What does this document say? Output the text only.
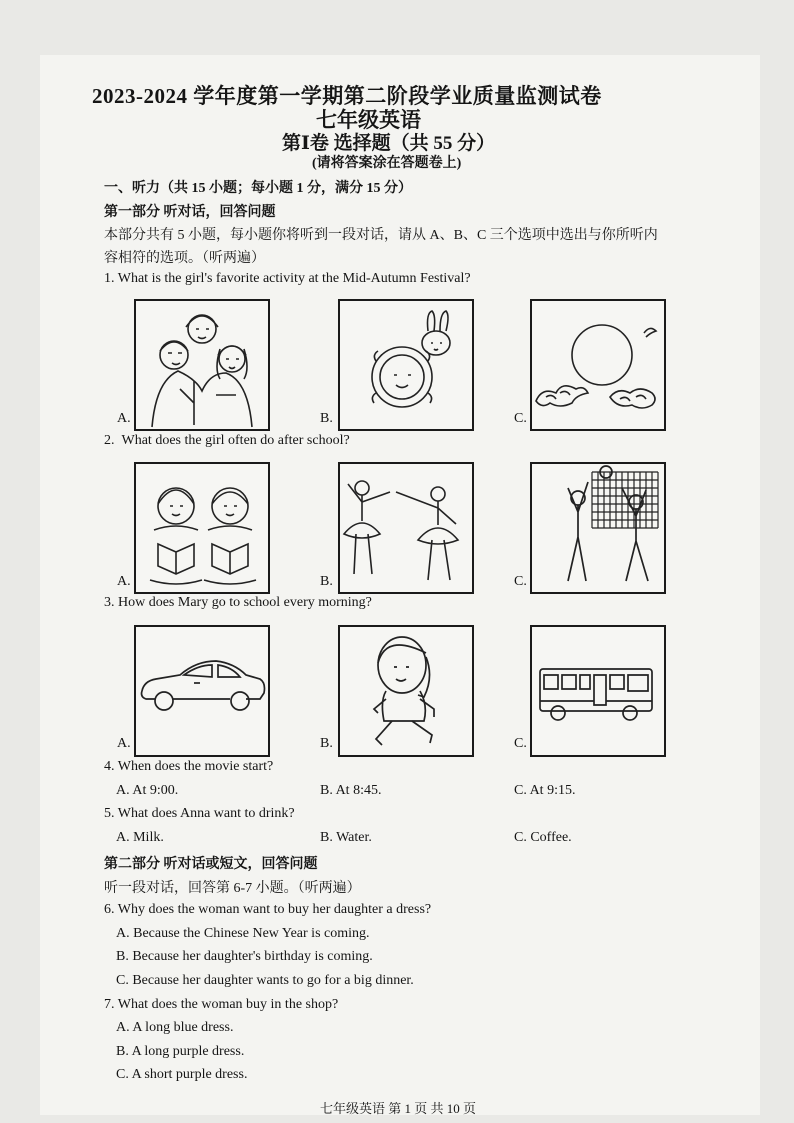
2023-2024 学年度第一学期第二阶段学业质量监测试卷
七年级英语
第Ⅰ卷 选择题（共 55 分）
(请将答案涂在答题卷上)
一、听力（共 15 小题；每小题 1 分，满分 15 分）
第一部分 听对话，回答问题
本部分共有 5 小题，每小题你将听到一段对话，请从 A、B、C 三个选项中选出与你所听内
容相符的选项。（听两遍）
1. What is the girl's favorite activity at the Mid-Autumn Festival?
A.	B.	C.
2. What does the girl often do after school?
A.	B.	C.
3. How does Mary go to school every morning?
A.	B.	C.
4. When does the movie start?
A. At 9:00.	B. At 8:45.	C. At 9:15.
5. What does Anna want to drink?
A. Milk.	B. Water.	C. Coffee.
第二部分 听对话或短文，回答问题
听一段对话，回答第 6-7 小题。（听两遍）
6. Why does the woman want to buy her daughter a dress?
A. Because the Chinese New Year is coming.
B. Because her daughter's birthday is coming.
C. Because her daughter wants to go for a big dinner.
7. What does the woman buy in the shop?
A. A long blue dress.
B. A long purple dress.
C. A short purple dress.
七年级英语 第 1 页 共 10 页
